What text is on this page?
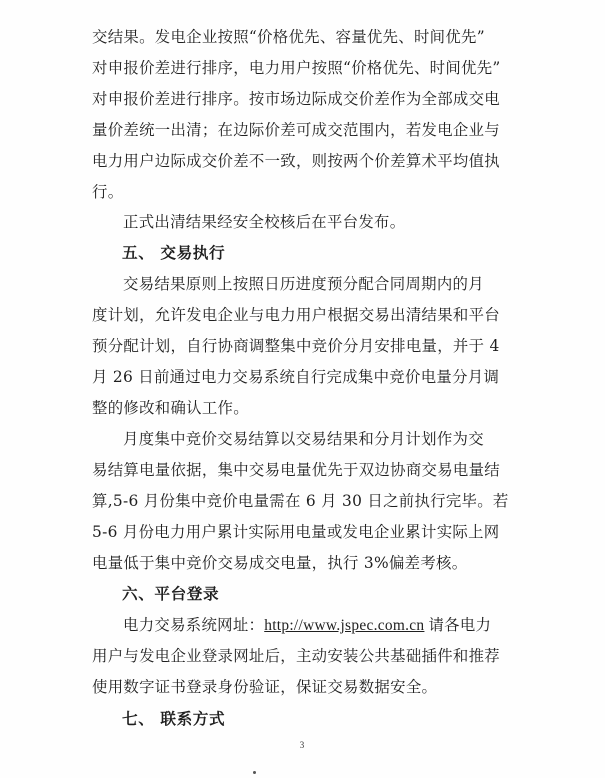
交结果。发电企业按照“价格优先、容量优先、时间优先”
对申报价差进行排序，电力用户按照“价格优先、时间优先”
对申报价差进行排序。按市场边际成交价差作为全部成交电
量价差统一出清；在边际价差可成交范围内，若发电企业与
电力用户边际成交价差不一致，则按两个价差算术平均值执
行。
正式出清结果经安全校核后在平台发布。
五、 交易执行
交易结果原则上按照日历进度预分配合同周期内的月
度计划，允许发电企业与电力用户根据交易出清结果和平台
预分配计划，自行协商调整集中竞价分月安排电量，并于 4
月 26 日前通过电力交易系统自行完成集中竞价电量分月调
整的修改和确认工作。
月度集中竞价交易结算以交易结果和分月计划作为交
易结算电量依据，集中交易电量优先于双边协商交易电量结
算,5-6 月份集中竞价电量需在 6 月 30 日之前执行完毕。若
5-6 月份电力用户累计实际用电量或发电企业累计实际上网
电量低于集中竞价交易成交电量，执行 3%偏差考核。
六、平台登录
电力交易系统网址：http://www.jspec.com.cn 请各电力
用户与发电企业登录网址后，主动安装公共基础插件和推荐
使用数字证书登录身份验证，保证交易数据安全。
七、 联系方式
3
